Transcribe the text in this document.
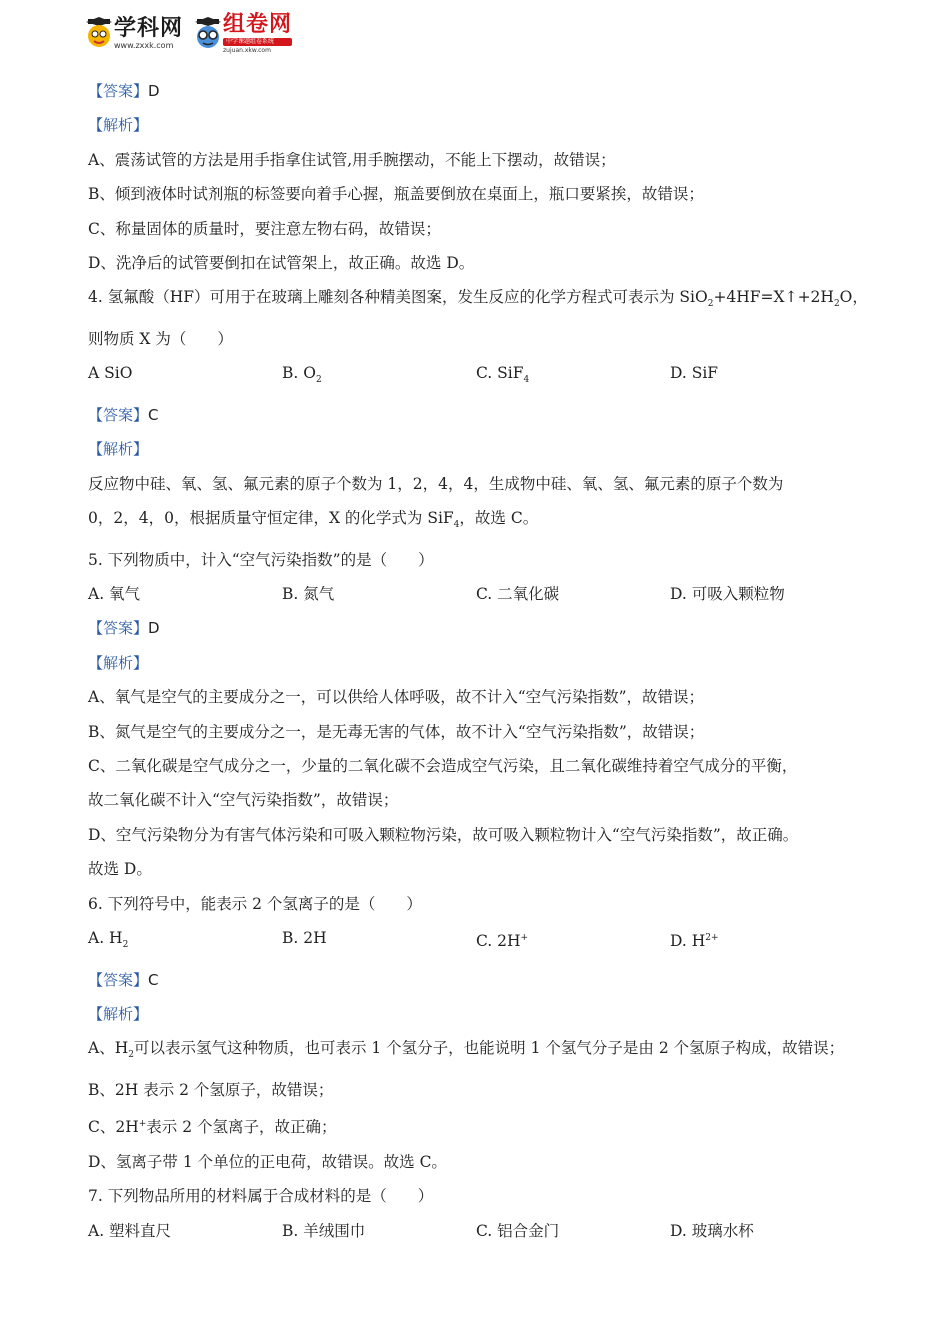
学科网
www.zxxk.com
组卷网
中学课题组卷系统
zujuan.xkw.com
【答案】D
【解析】
A、震荡试管的方法是用手指拿住试管,用手腕摆动，不能上下摆动，故错误；
B、倾到液体时试剂瓶的标签要向着手心握，瓶盖要倒放在桌面上，瓶口要紧挨，故错误；
C、称量固体的质量时，要注意左物右码，故错误；
D、洗净后的试管要倒扣在试管架上，故正确。故选 D。
4. 氢氟酸（HF）可用于在玻璃上雕刻各种精美图案，发生反应的化学方程式可表示为 $SiO_2+4HF=X↑+2H_2O$，
则物质 X 为（　　）
A SiO	B. $O_2$	C. SiF$_4$	D. SiF
【答案】C
【解析】
反应物中硅、氧、氢、氟元素的原子个数为 1，2，4，4，生成物中硅、氧、氢、氟元素的原子个数为
0，2，4，0，根据质量守恒定律，X 的化学式为 SiF$_4$，故选 C。
5. 下列物质中，计入“空气污染指数”的是（　　）
A. 氧气	B. 氮气	C. 二氧化碳	D. 可吸入颗粒物
【答案】D
【解析】
A、氧气是空气的主要成分之一，可以供给人体呼吸，故不计入“空气污染指数”，故错误；
B、氮气是空气的主要成分之一，是无毒无害的气体，故不计入“空气污染指数”，故错误；
C、二氧化碳是空气成分之一，少量的二氧化碳不会造成空气污染，且二氧化碳维持着空气成分的平衡，
故二氧化碳不计入“空气污染指数”，故错误；
D、空气污染物分为有害气体污染和可吸入颗粒物污染，故可吸入颗粒物计入“空气污染指数”，故正确。
故选 D。
6. 下列符号中，能表示 2 个氢离子的是（　　）
A. $H_2$	B. 2H	C. 2H+	D. $H^{2+}$
【答案】C
【解析】
A、$H_2$可以表示氢气这种物质，也可表示 1 个氢分子，也能说明 1 个氢气分子是由 2 个氢原子构成，故错误；
B、2H 表示 2 个氢原子，故错误；
C、2H+表示 2 个氢离子，故正确；
D、氢离子带 1 个单位的正电荷，故错误。故选 C。
7. 下列物品所用的材料属于合成材料的是（　　）
A. 塑料直尺	B. 羊绒围巾	C. 铝合金门	D. 玻璃水杯
